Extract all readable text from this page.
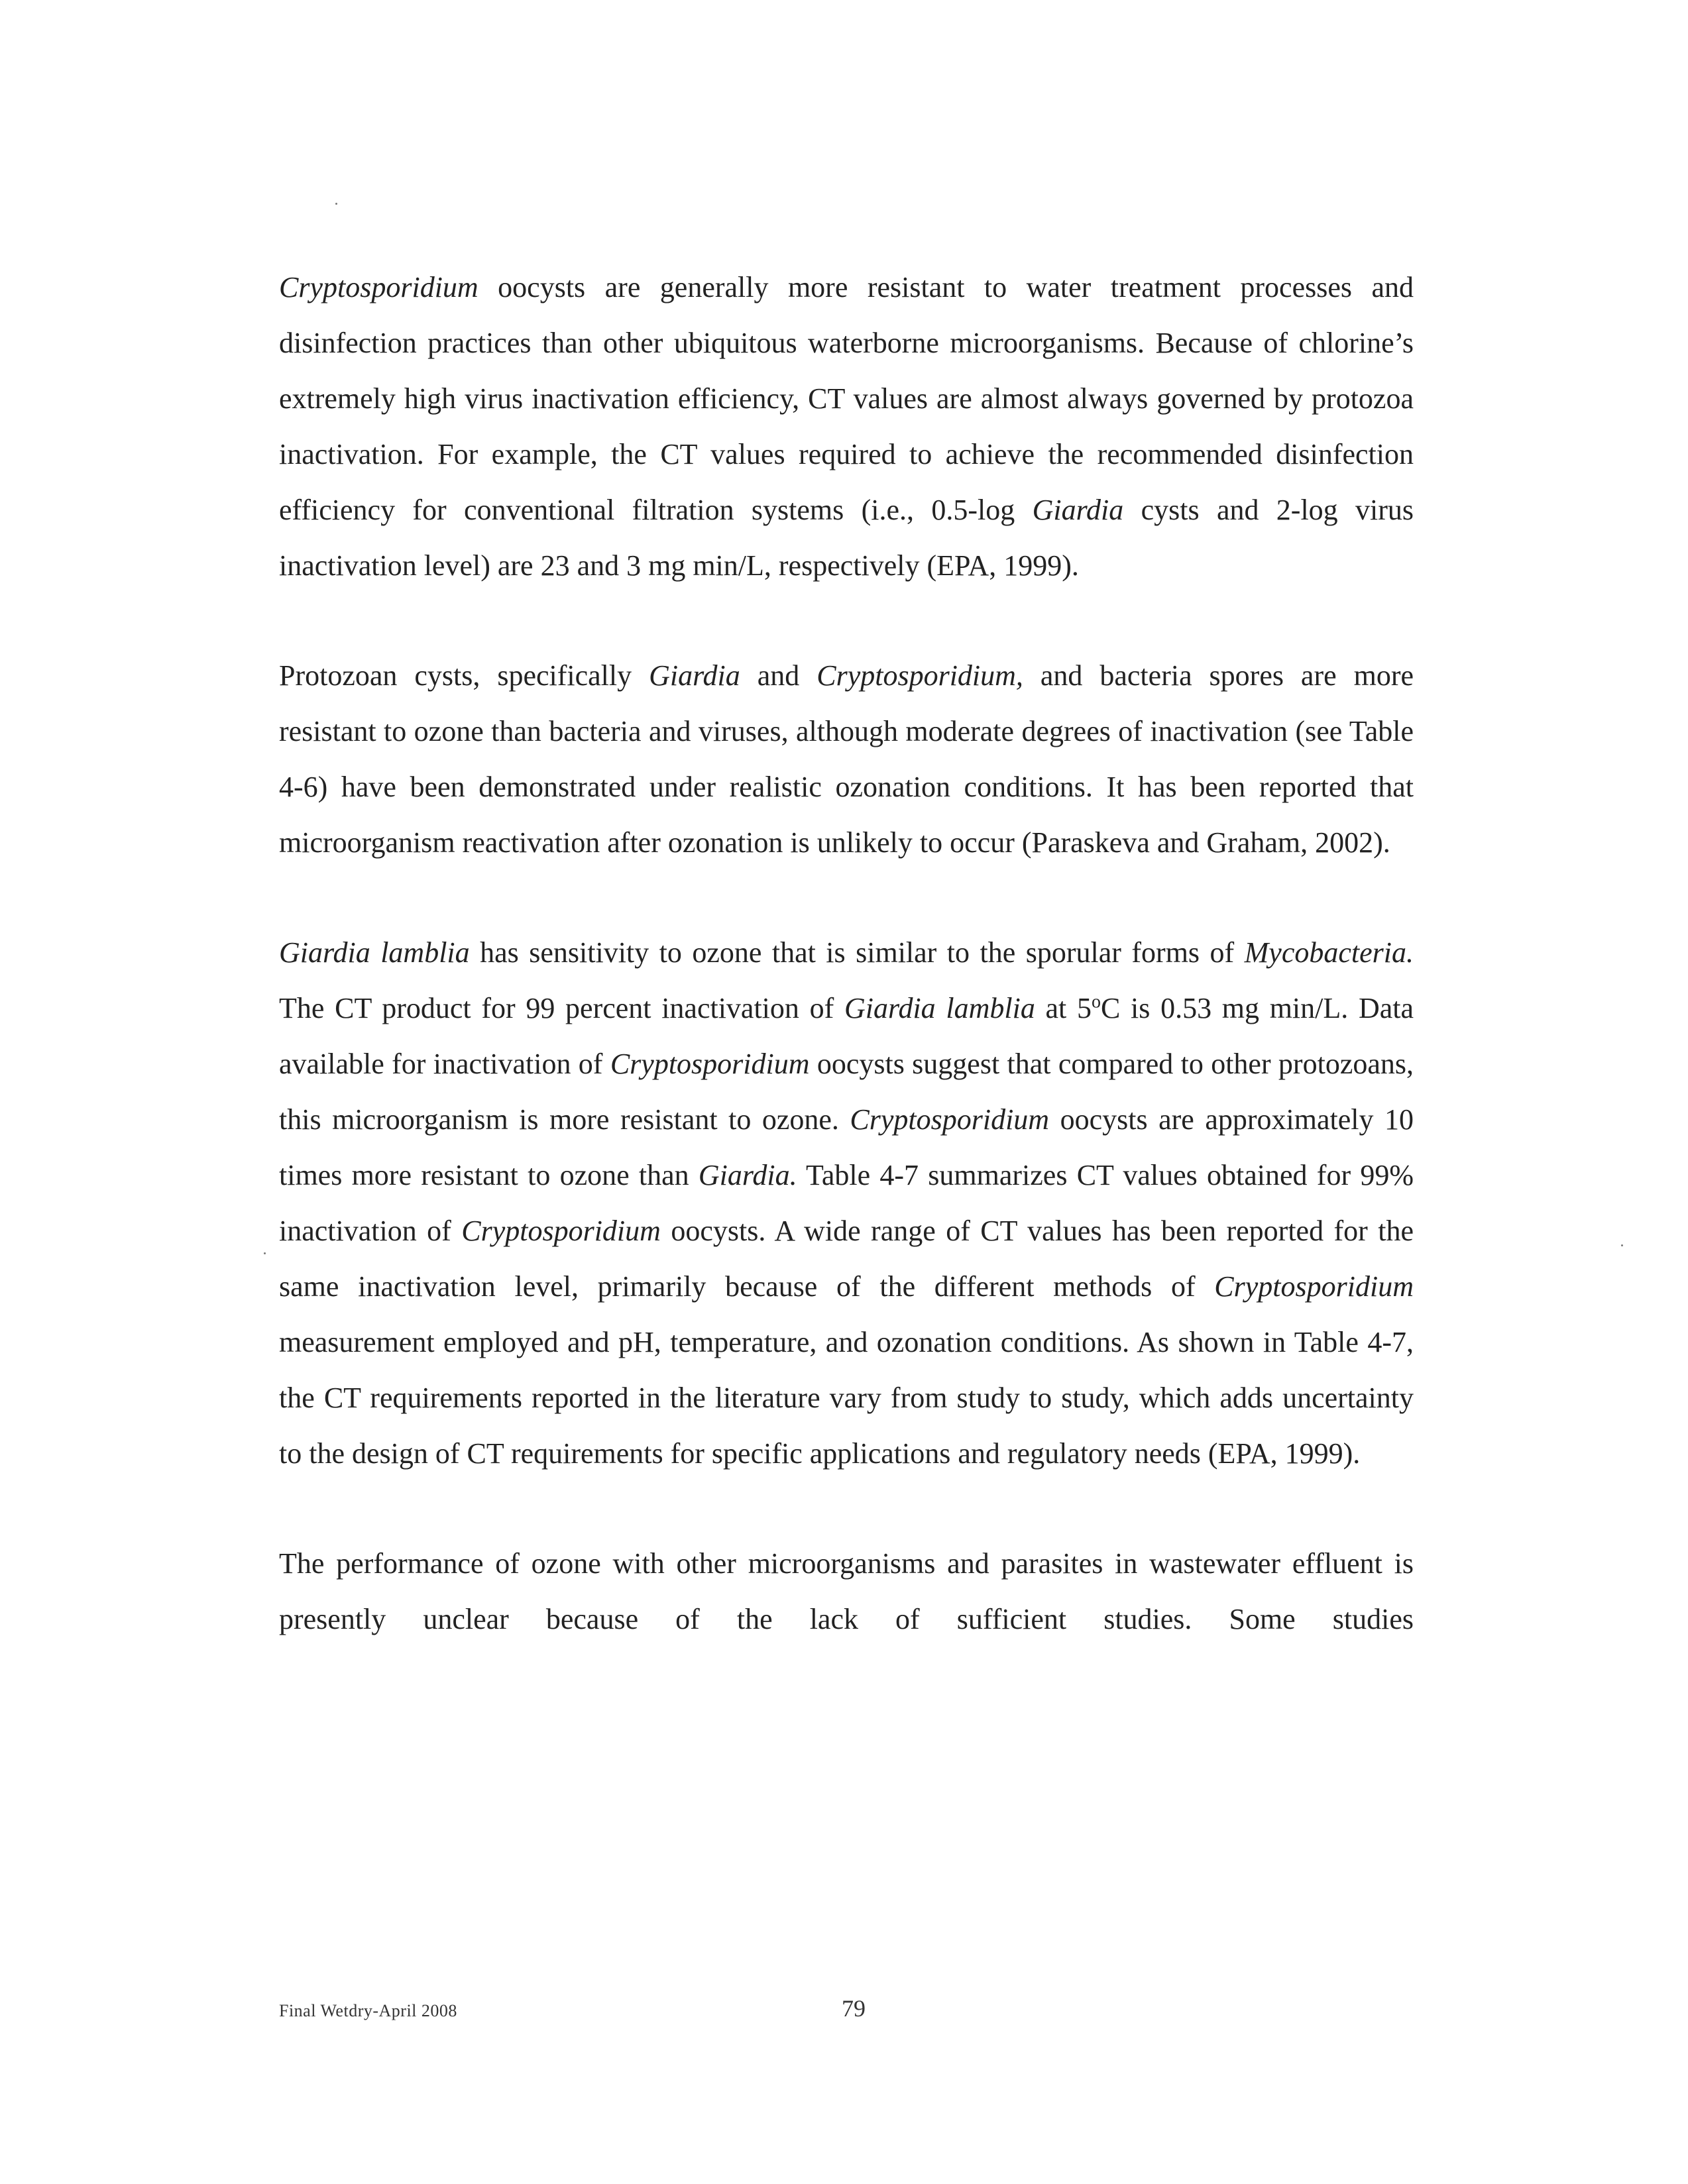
Cryptosporidium oocysts are generally more resistant to water treatment processes and disinfection practices than other ubiquitous waterborne microorganisms. Because of chlorine’s extremely high virus inactivation efficiency, CT values are almost always governed by protozoa inactivation. For example, the CT values required to achieve the recommended disinfection efficiency for conventional filtration systems (i.e., 0.5-log Giardia cysts and 2-log virus inactivation level) are 23 and 3 mg min/L, respectively (EPA, 1999).

Protozoan cysts, specifically Giardia and Cryptosporidium, and bacteria spores are more resistant to ozone than bacteria and viruses, although moderate degrees of inactivation (see Table 4-6) have been demonstrated under realistic ozonation conditions. It has been reported that microorganism reactivation after ozonation is unlikely to occur (Paraskeva and Graham, 2002).

Giardia lamblia has sensitivity to ozone that is similar to the sporular forms of Mycobacteria. The CT product for 99 percent inactivation of Giardia lamblia at 5$^o$C is 0.53 mg min/L. Data available for inactivation of Cryptosporidium oocysts suggest that compared to other protozoans, this microorganism is more resistant to ozone. Cryptosporidium oocysts are approximately 10 times more resistant to ozone than Giardia. Table 4-7 summarizes CT values obtained for 99% inactivation of Cryptosporidium oocysts. A wide range of CT values has been reported for the same inactivation level, primarily because of the different methods of Cryptosporidium measurement employed and pH, temperature, and ozonation conditions. As shown in Table 4-7, the CT requirements reported in the literature vary from study to study, which adds uncertainty to the design of CT requirements for specific applications and regulatory needs (EPA, 1999).

The performance of ozone with other microorganisms and parasites in wastewater effluent is presently unclear because of the lack of sufficient studies. Some studies

Final Wetdry-April 2008	79
